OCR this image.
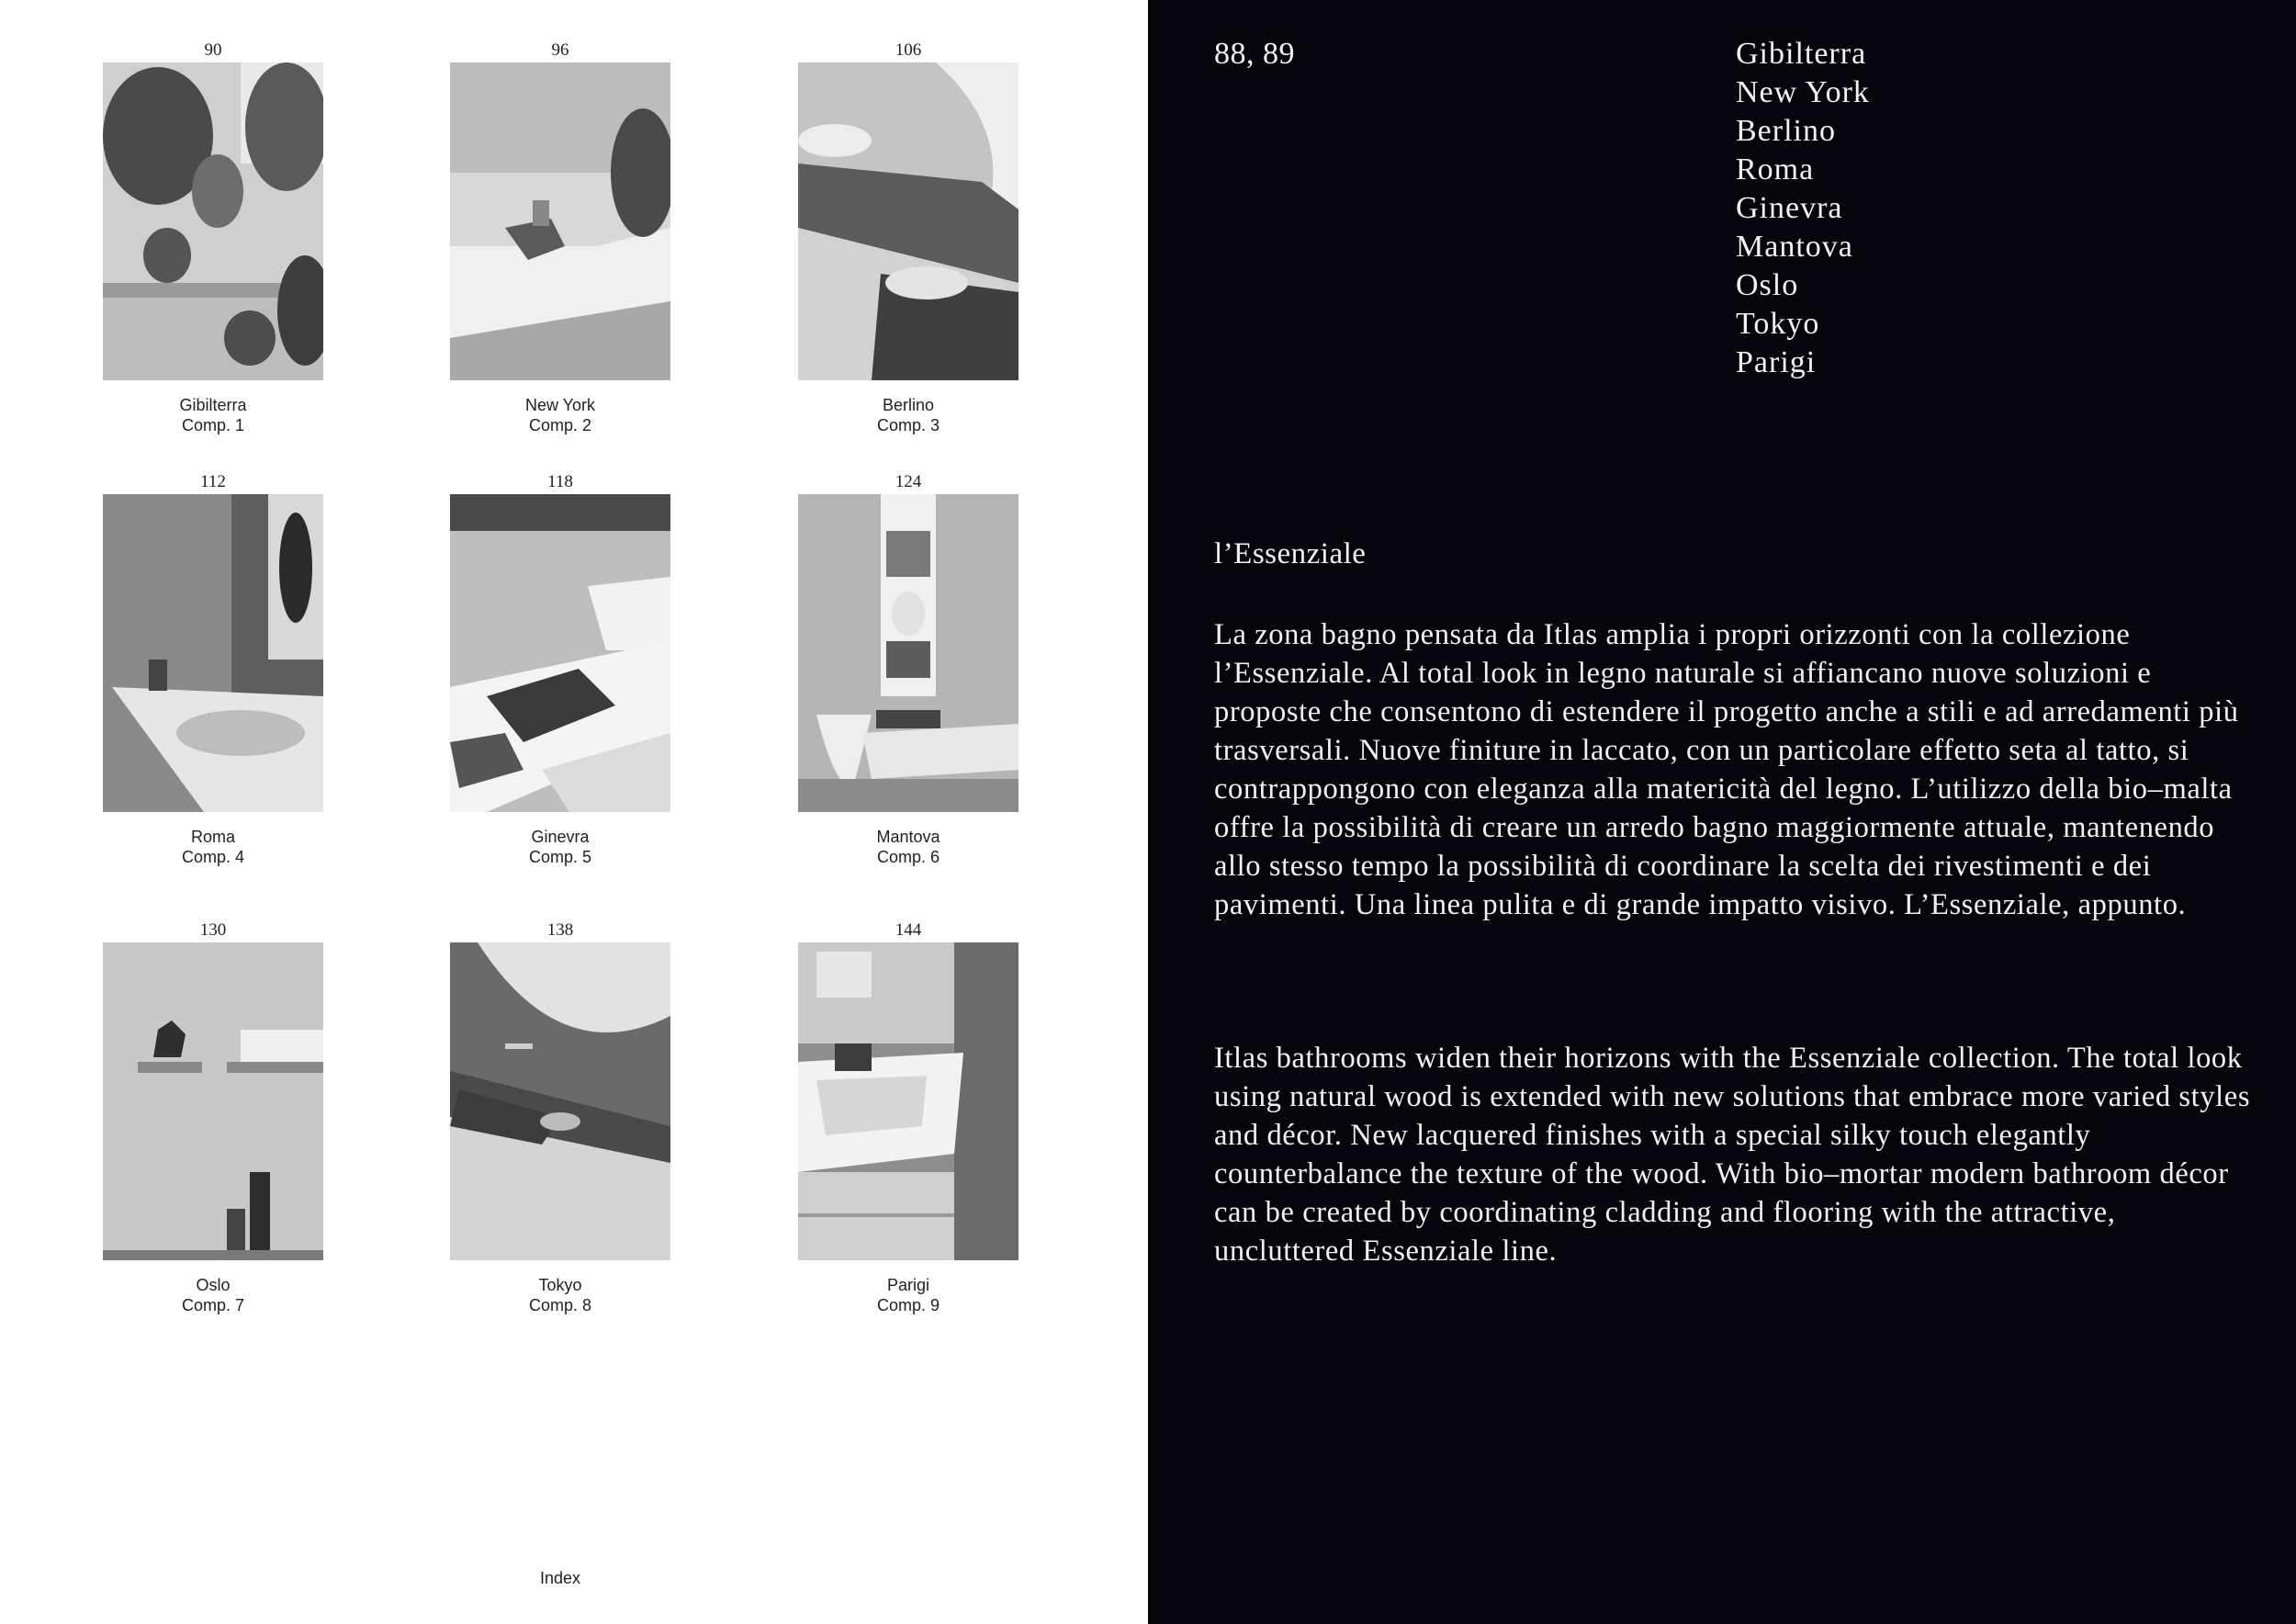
90
Gibilterra
Comp. 1
96
New York
Comp. 2
106
Berlino
Comp. 3
112
Roma
Comp. 4
118
Ginevra
Comp. 5
124
Mantova
Comp. 6
130
Oslo
Comp. 7
138
Tokyo
Comp. 8
144
Parigi
Comp. 9
Index
88, 89	Gibilterra
New York
Berlino
Roma
Ginevra
Mantova
Oslo
Tokyo
Parigi
l’Essenziale

La zona bagno pensata da Itlas amplia i propri orizzonti con la collezione l’Essenziale. Al total look in legno naturale si affiancano nuove soluzioni e proposte che consentono di estendere il progetto anche a stili e ad arredamenti più trasversali. Nuove finiture in laccato, con un particolare effetto seta al tatto, si contrappongono con eleganza alla matericità del legno. L’utilizzo della bio–malta offre la possibilità di creare un arredo bagno maggiormente attuale, mantenendo allo stesso tempo la possibilità di coordinare la scelta dei rivestimenti e dei pavimenti. Una linea pulita e di grande impatto visivo. L’Essenziale, appunto.

Itlas bathrooms widen their horizons with the Essenziale collection. The total look using natural wood is extended with new solutions that embrace more varied styles and décor. New lacquered finishes with a special silky touch elegantly counterbalance the texture of the wood. With bio–mortar modern bathroom décor can be created by coordinating cladding and flooring with the attractive, uncluttered Essenziale line.
